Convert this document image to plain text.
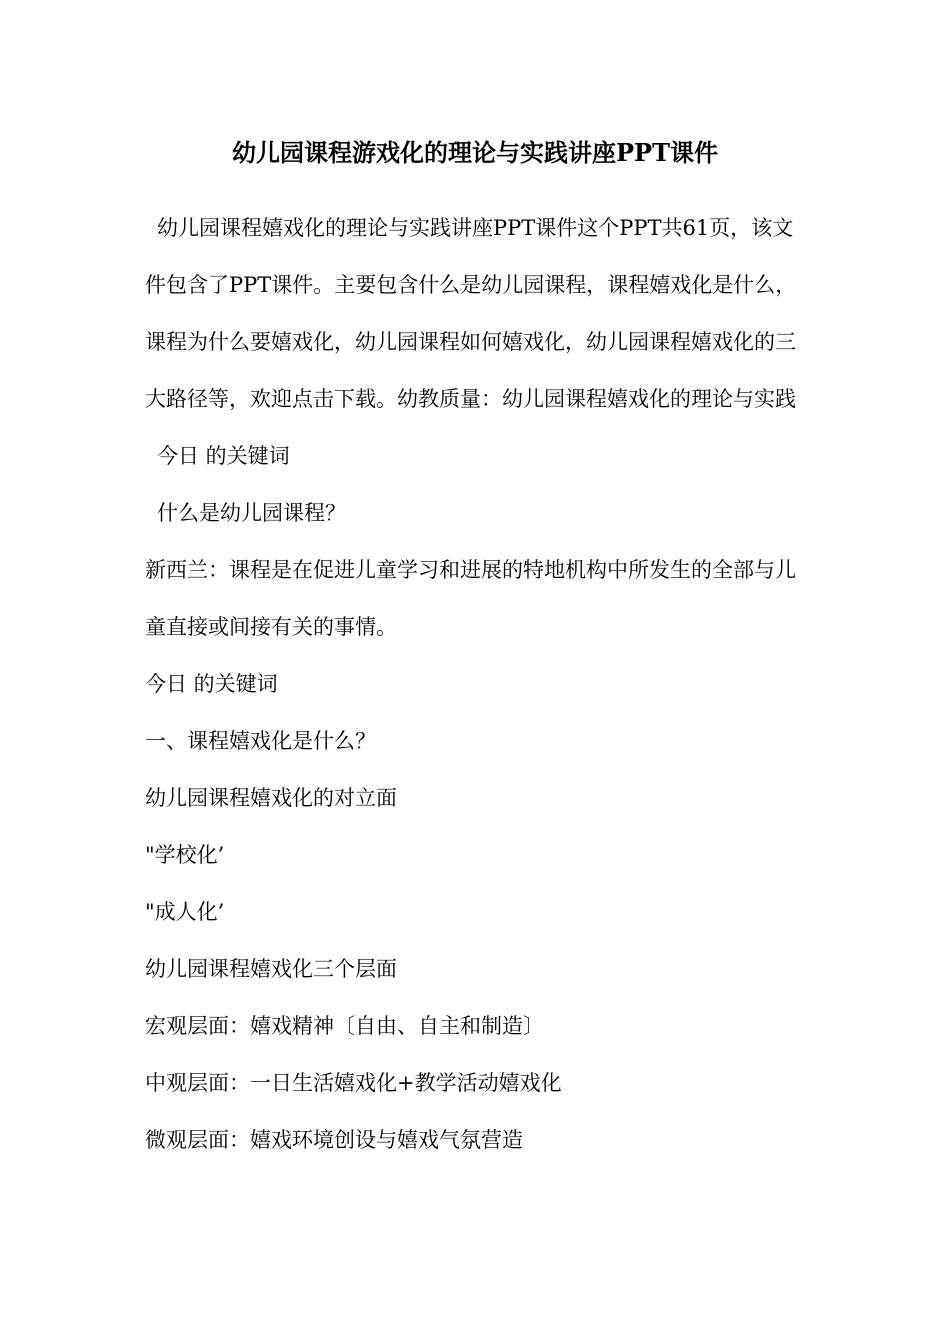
幼儿园课程游戏化的理论与实践讲座PPT课件

幼儿园课程嬉戏化的理论与实践讲座PPT课件这个PPT共61页，该文件包含了PPT课件。主要包含什么是幼儿园课程，课程嬉戏化是什么，课程为什么要嬉戏化，幼儿园课程如何嬉戏化，幼儿园课程嬉戏化的三大路径等，欢迎点击下载。幼教质量：幼儿园课程嬉戏化的理论与实践

今日 的关键词

什么是幼儿园课程？

新西兰：课程是在促进儿童学习和进展的特地机构中所发生的全部与儿童直接或间接有关的事情。

今日 的关键词

一、课程嬉戏化是什么？

幼儿园课程嬉戏化的对立面

"学校化’

"成人化’

幼儿园课程嬉戏化三个层面

宏观层面：嬉戏精神〔自由、自主和制造〕

中观层面：一日生活嬉戏化+教学活动嬉戏化

微观层面：嬉戏环境创设与嬉戏气氛营造
